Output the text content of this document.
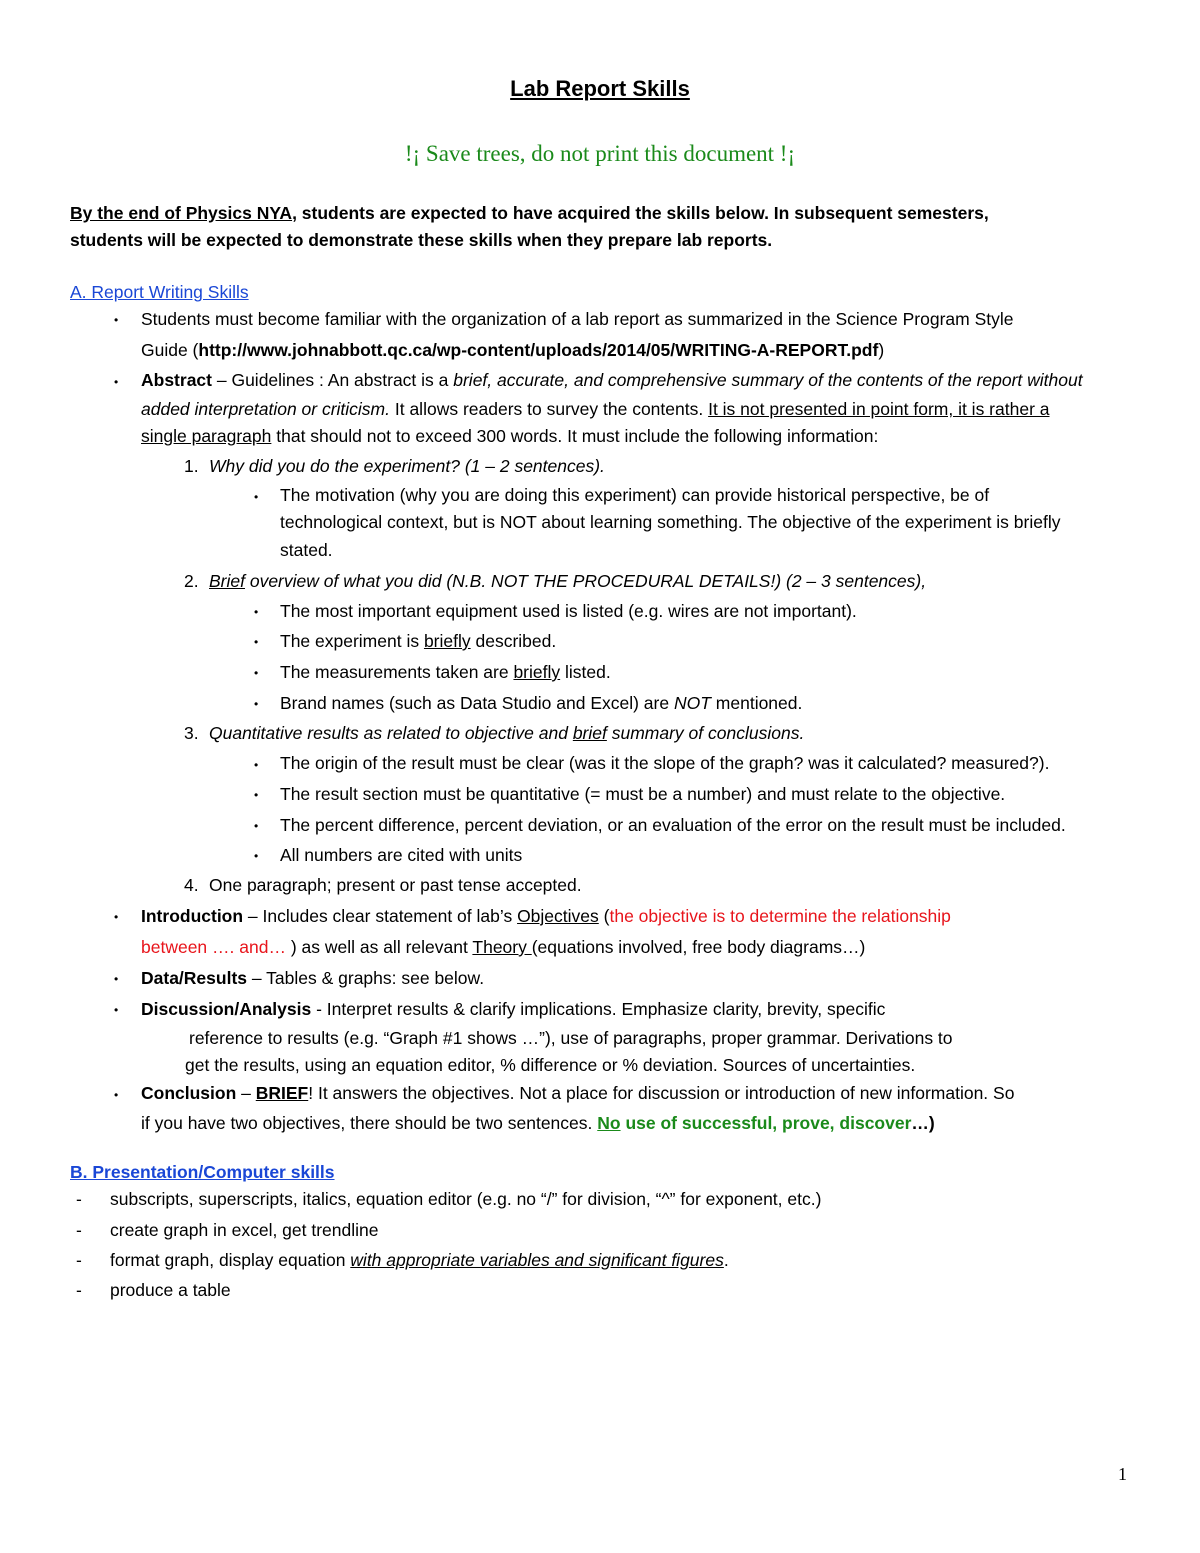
Lab Report Skills
!¡ Save trees, do not print this document !¡
By the end of Physics NYA, students are expected to have acquired the skills below. In subsequent semesters,
students will be expected to demonstrate these skills when they prepare lab reports.
A. Report Writing Skills
• Students must become familiar with the organization of a lab report as summarized in the Science Program Style
Guide (http://www.johnabbott.qc.ca/wp-content/uploads/2014/05/WRITING-A-REPORT.pdf)
• Abstract – Guidelines : An abstract is a brief, accurate, and comprehensive summary of the contents of the report without
added interpretation or criticism. It allows readers to survey the contents. It is not presented in point form, it is rather a
single paragraph that should not to exceed 300 words. It must include the following information:
1. Why did you do the experiment? (1 – 2 sentences).
• The motivation (why you are doing this experiment) can provide historical perspective, be of
technological context, but is NOT about learning something. The objective of the experiment is briefly
stated.
2. Brief overview of what you did (N.B. NOT THE PROCEDURAL DETAILS!) (2 – 3 sentences),
• The most important equipment used is listed (e.g. wires are not important).
• The experiment is briefly described.
• The measurements taken are briefly listed.
• Brand names (such as Data Studio and Excel) are NOT mentioned.
3. Quantitative results as related to objective and brief summary of conclusions.
• The origin of the result must be clear (was it the slope of the graph? was it calculated? measured?).
• The result section must be quantitative (= must be a number) and must relate to the objective.
• The percent difference, percent deviation, or an evaluation of the error on the result must be included.
• All numbers are cited with units
4. One paragraph; present or past tense accepted.
• Introduction – Includes clear statement of lab’s Objectives (the objective is to determine the relationship
between …. and… ) as well as all relevant Theory (equations involved, free body diagrams…)
• Data/Results – Tables & graphs: see below.
• Discussion/Analysis - Interpret results & clarify implications. Emphasize clarity, brevity, specific
reference to results (e.g. “Graph #1 shows …”), use of paragraphs, proper grammar. Derivations to
get the results, using an equation editor, % difference or % deviation. Sources of uncertainties.
• Conclusion – BRIEF! It answers the objectives. Not a place for discussion or introduction of new information. So
if you have two objectives, there should be two sentences. No use of successful, prove, discover…)
B. Presentation/Computer skills
- subscripts, superscripts, italics, equation editor (e.g. no “/” for division, “^” for exponent, etc.)
- create graph in excel, get trendline
- format graph, display equation with appropriate variables and significant figures.
- produce a table
1
